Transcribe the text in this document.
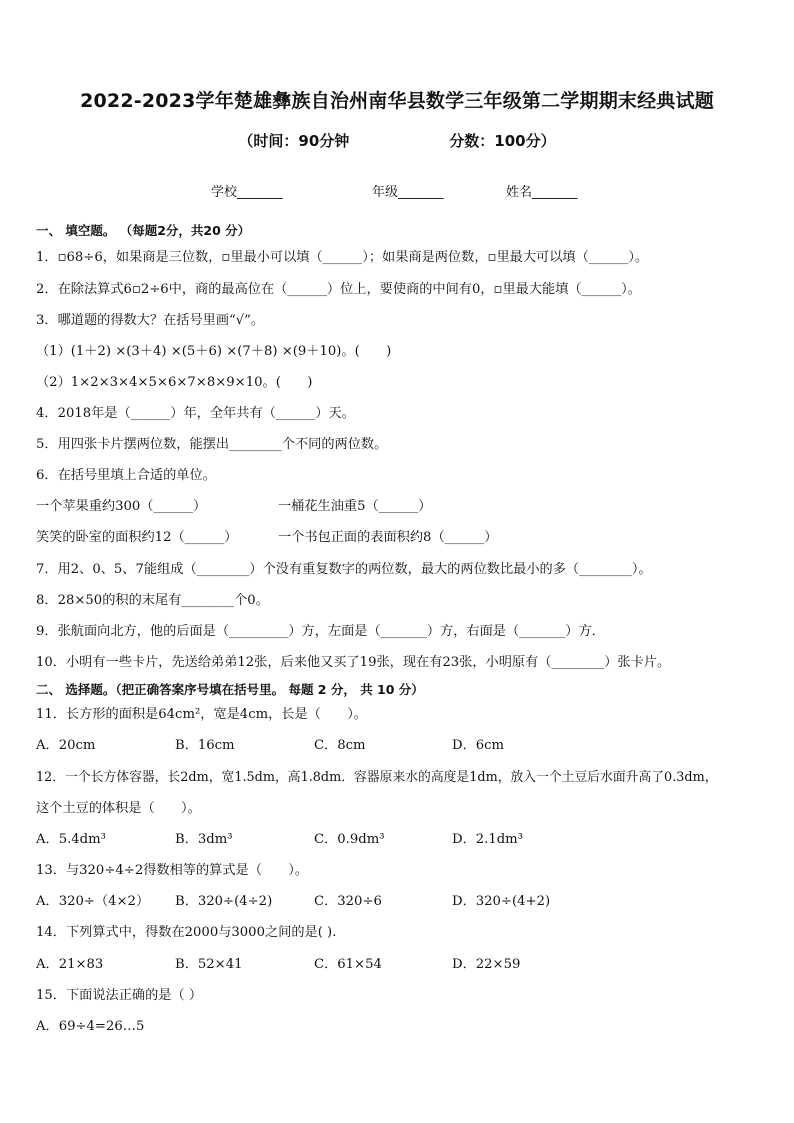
2022-2023学年楚雄彝族自治州南华县数学三年级第二学期期末经典试题
（时间：90分钟	分数：100分）
学校_______	年级_______	姓名_______
一、 填空题。 （每题2分，共20 分）
1．▫68÷6，如果商是三位数，▫里最小可以填（______）；如果商是两位数，▫里最大可以填（______）。
2．在除法算式6▫2÷6中，商的最高位在（______）位上，要使商的中间有0，▫里最大能填（______）。
3．哪道题的得数大？在括号里画“√”。
（1）(1＋2) ×(3＋4) ×(5＋6) ×(7＋8) ×(9＋10)。(　　)
（2）1×2×3×4×5×6×7×8×9×10。(　　)
4．2018年是（______）年，全年共有（______）天。
5．用四张卡片摆两位数，能摆出________个不同的两位数。
6．在括号里填上合适的单位。
一个苹果重约300（______）	一桶花生油重5（______）
笑笑的卧室的面积约12（______）	一个书包正面的表面积约8（______）
7．用2、0、5、7能组成（________）个没有重复数字的两位数，最大的两位数比最小的多（________）。
8．28×50的积的末尾有________个0。
9．张航面向北方，他的后面是（_________）方，左面是（_______）方，右面是（_______）方．
10．小明有一些卡片，先送给弟弟12张，后来他又买了19张，现在有23张，小明原有（________）张卡片。
二、 选择题。（把正确答案序号填在括号里。 每题 2 分， 共 10 分）
11．长方形的面积是64cm²，宽是4cm，长是（　　）。
A．20cm	B．16cm	C．8cm	D．6cm
12．一个长方体容器，长2dm，宽1.5dm，高1.8dm．容器原来水的高度是1dm，放入一个土豆后水面升高了0.3dm，
这个土豆的体积是（　　）。
A．5.4dm³	B．3dm³	C．0.9dm³	D．2.1dm³
13．与320÷4÷2得数相等的算式是（　　）。
A．320÷（4×2） B．320÷(4÷2)	C．320÷6	D．320÷(4+2)
14．下列算式中，得数在2000与3000之间的是( ).
A．21×83	B．52×41	C．61×54	D．22×59
15．下面说法正确的是（ ）
A．69÷4=26…5
